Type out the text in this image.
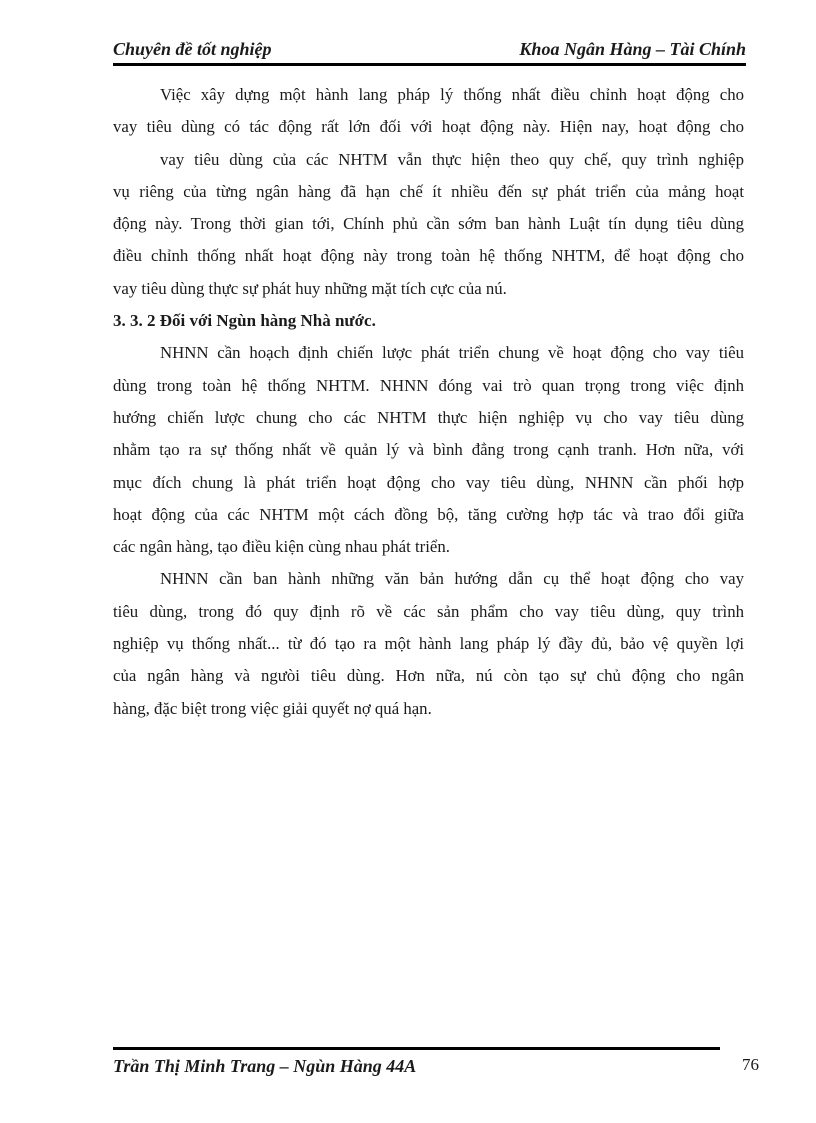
Chuyên đề tốt nghiệp	Khoa Ngân Hàng – Tài Chính
Việc xây dựng một hành lang pháp lý thống nhất điều chỉnh hoạt động cho
vay tiêu dùng có tác động rất lớn đối với hoạt động này. Hiện nay, hoạt động cho
vay tiêu dùng của các NHTM vẫn thực hiện theo quy chế, quy trình nghiệp
vụ riêng của từng ngân hàng đã hạn chế ít nhiều đến sự phát triển của mảng hoạt
động này. Trong thời gian tới, Chính phủ cần sớm ban hành Luật tín dụng tiêu dùng
điều chỉnh thống nhất hoạt động này trong toàn hệ thống NHTM, để hoạt động cho
vay tiêu dùng thực sự phát huy những mặt tích cực của nú.
3. 3. 2 Đối với Ngùn hàng Nhà nước.
NHNN cần hoạch định chiến lược phát triển chung về hoạt động cho vay tiêu
dùng trong toàn hệ thống NHTM. NHNN đóng vai trò quan trọng trong việc định
hướng chiến lược chung cho các NHTM thực hiện nghiệp vụ cho vay tiêu dùng
nhằm tạo ra sự thống nhất về quản lý và bình đẳng trong cạnh tranh. Hơn nữa, với
mục đích chung là phát triển hoạt động cho vay tiêu dùng, NHNN cần phối hợp
hoạt động của các NHTM một cách đồng bộ, tăng cường hợp tác và trao đổi giữa
các ngân hàng, tạo điều kiện cùng nhau phát triển.
NHNN cần ban hành những văn bản hướng dẫn cụ thể hoạt động cho vay
tiêu dùng, trong đó quy định rõ về các sản phẩm cho vay tiêu dùng, quy trình
nghiệp vụ thống nhất... từ đó tạo ra một hành lang pháp lý đầy đủ, bảo vệ quyền lợi
của ngân hàng và ngưòi tiêu dùng. Hơn nữa, nú còn tạo sự chủ động cho ngân
hàng, đặc biệt trong việc giải quyết nợ quá hạn.
Trần Thị Minh Trang – Ngùn Hàng 44A	76
